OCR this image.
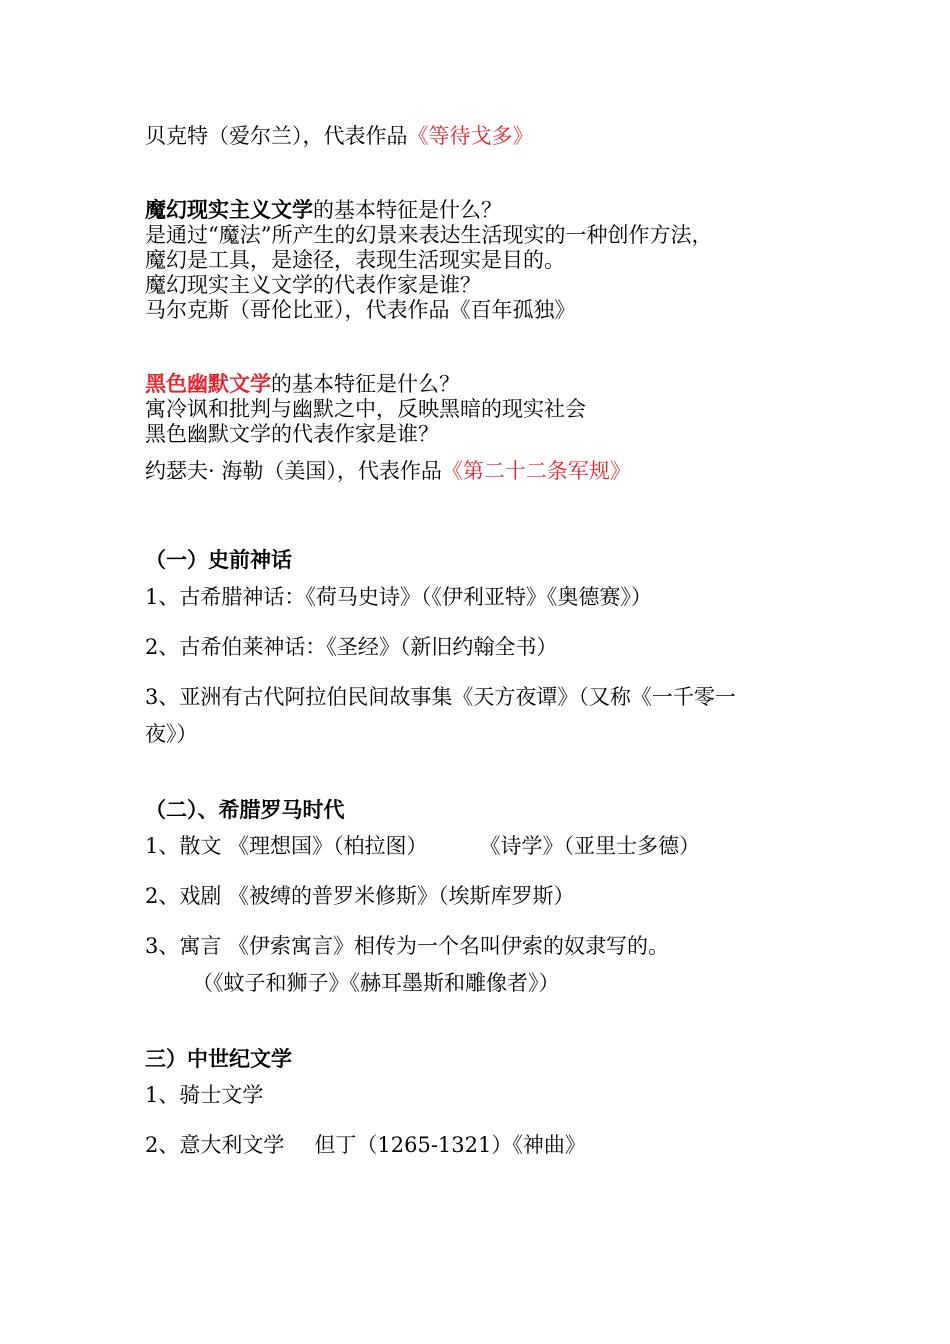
贝克特（爱尔兰），代表作品《等待戈多》
魔幻现实主义文学的基本特征是什么？
是通过“魔法”所产生的幻景来表达生活现实的一种创作方法，
魔幻是工具，是途径，表现生活现实是目的。
魔幻现实主义文学的代表作家是谁？
马尔克斯（哥伦比亚），代表作品《百年孤独》
黑色幽默文学的基本特征是什么？
寓冷讽和批判与幽默之中，反映黑暗的现实社会
黑色幽默文学的代表作家是谁？
约瑟夫· 海勒（美国），代表作品《第二十二条军规》
（一）史前神话
1、古希腊神话：《荷马史诗》（《伊利亚特》《奥德赛》）
2、古希伯莱神话：《圣经》（新旧约翰全书）
3、亚洲有古代阿拉伯民间故事集《天方夜谭》（又称《一千零一
夜》）
（二）、希腊罗马时代
1、散文 《理想国》（柏拉图） 《诗学》（亚里士多德）
2、戏剧 《被缚的普罗米修斯》（埃斯库罗斯）
3、寓言 《伊索寓言》相传为一个名叫伊索的奴隶写的。
（《蚊子和狮子》《赫耳墨斯和雕像者》）
三）中世纪文学
1、骑士文学
2、意大利文学 但丁（1265-1321）《神曲》
